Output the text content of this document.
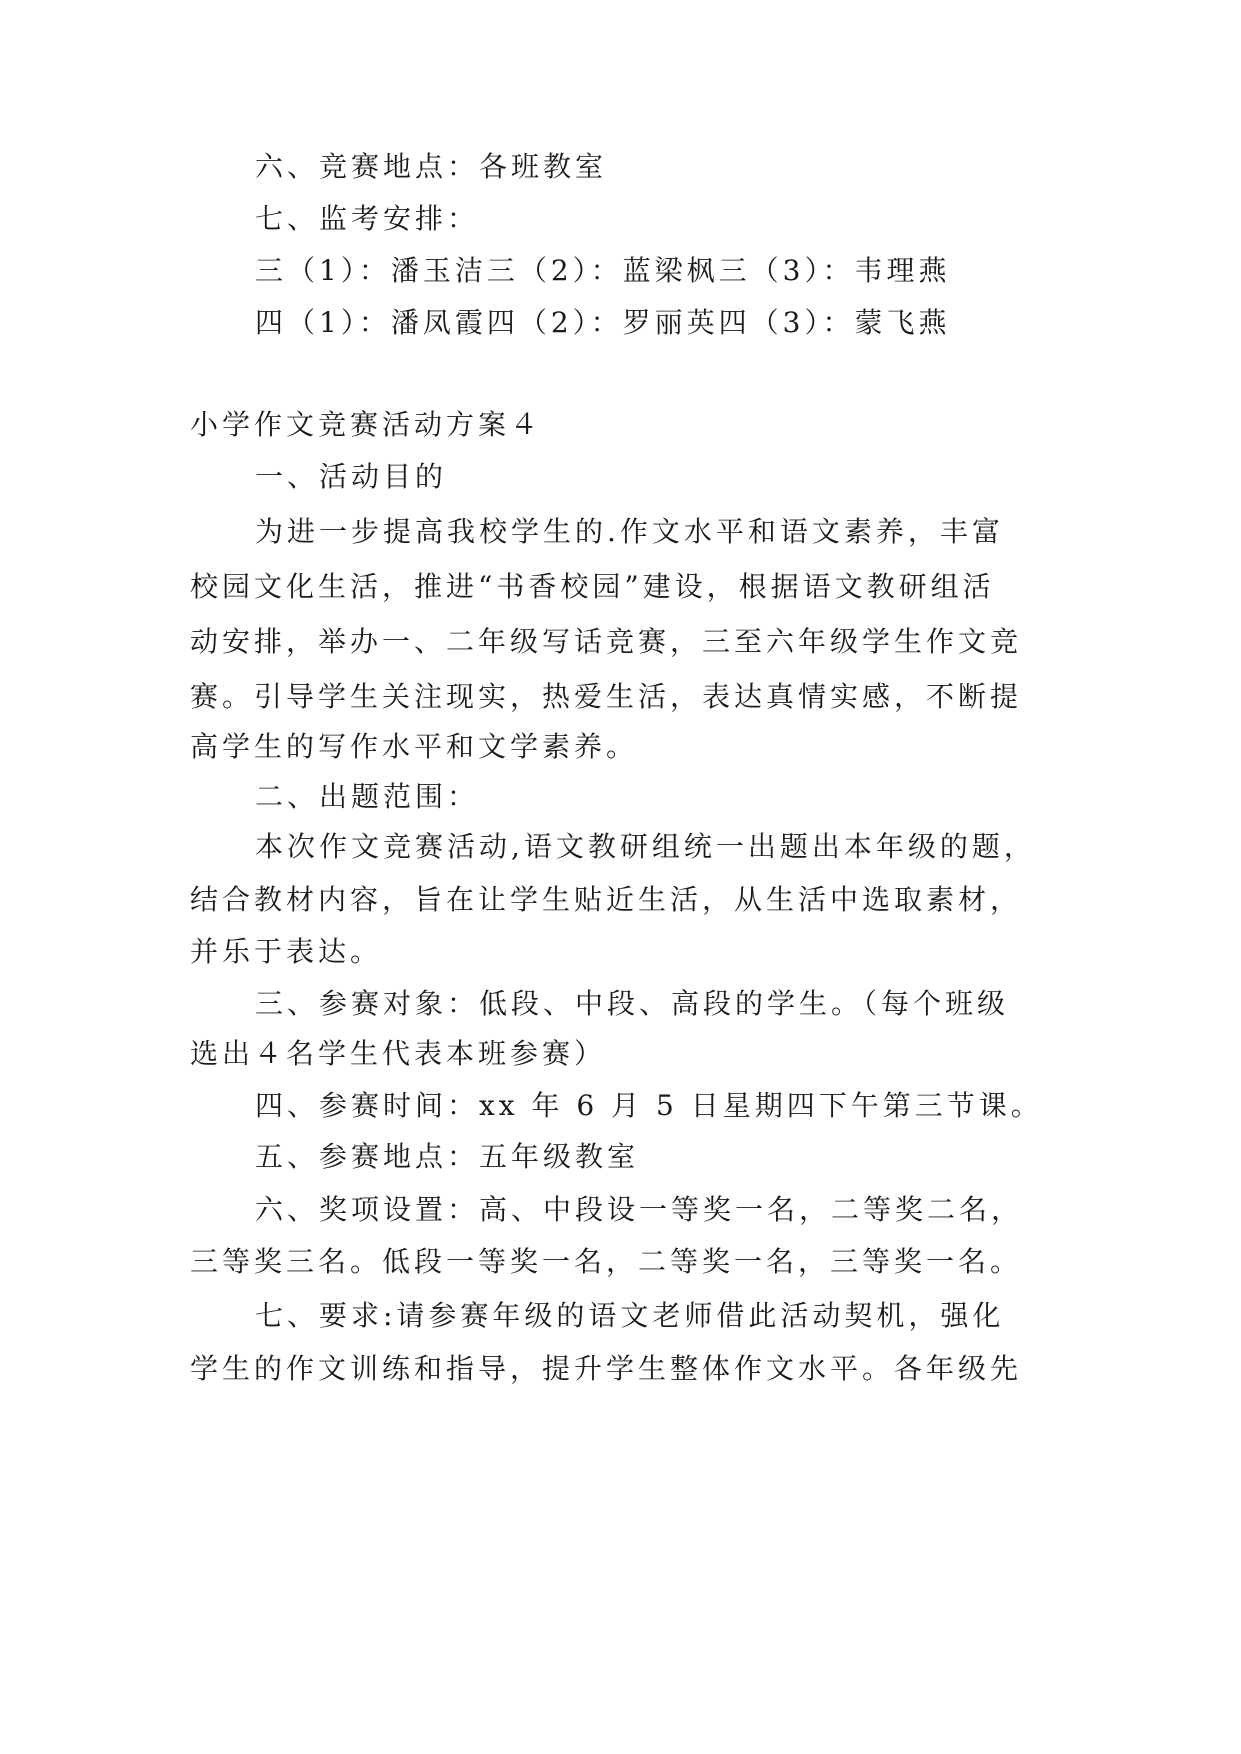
六、竞赛地点：各班教室
七、监考安排：
三（1）：潘玉洁三（2）：蓝梁枫三（3）：韦理燕
四（1）：潘凤霞四（2）：罗丽英四（3）：蒙飞燕
小学作文竞赛活动方案４
一、活动目的
为进一步提高我校学生的.作文水平和语文素养，丰富
校园文化生活，推进“书香校园”建设，根据语文教研组活
动安排，举办一、二年级写话竞赛，三至六年级学生作文竞
赛。引导学生关注现实，热爱生活，表达真情实感，不断提
高学生的写作水平和文学素养。
二、出题范围：
本次作文竞赛活动,语文教研组统一出题出本年级的题，
结合教材内容，旨在让学生贴近生活，从生活中选取素材，
并乐于表达。
三、参赛对象：低段、中段、高段的学生。（每个班级
选出４名学生代表本班参赛）
四、参赛时间：xx 年 6 月 5 日星期四下午第三节课。
五、参赛地点：五年级教室
六、奖项设置：高、中段设一等奖一名，二等奖二名，
三等奖三名。低段一等奖一名，二等奖一名，三等奖一名。
七、要求:请参赛年级的语文老师借此活动契机，强化
学生的作文训练和指导，提升学生整体作文水平。各年级先
